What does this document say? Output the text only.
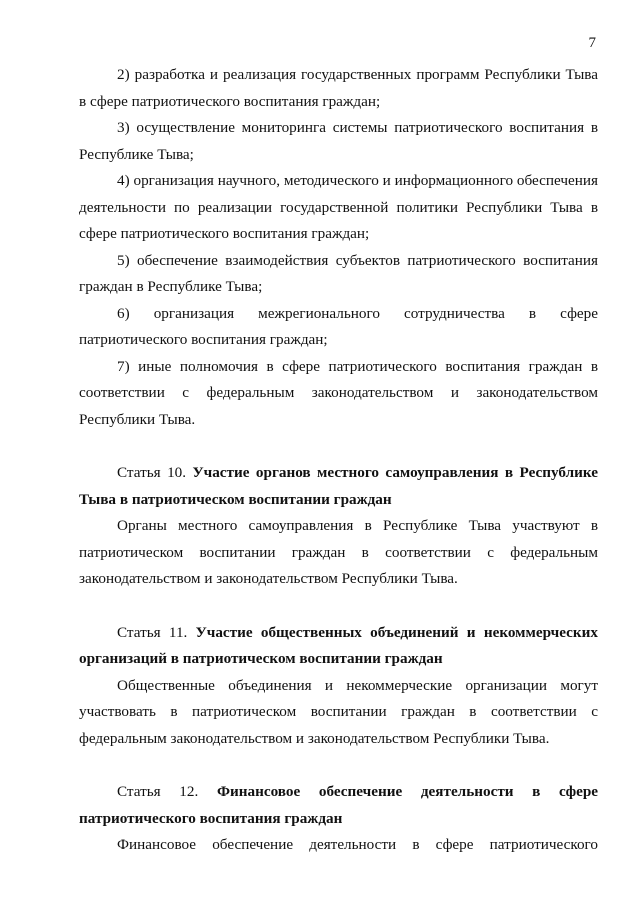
7

2) разработка и реализация государственных программ Республики Тыва в сфере патриотического воспитания граждан;

3) осуществление мониторинга системы патриотического воспитания в Республике Тыва;

4) организация научного, методического и информационного обеспечения деятельности по реализации государственной политики Республики Тыва в сфере патриотического воспитания граждан;

5) обеспечение взаимодействия субъектов патриотического воспитания граждан в Республике Тыва;

6) организация межрегионального сотрудничества в сфере патриотического воспитания граждан;

7) иные полномочия в сфере патриотического воспитания граждан в соответствии с федеральным законодательством и законодательством Республики Тыва.

Статья 10. Участие органов местного самоуправления в Республике Тыва в патриотическом воспитании граждан

Органы местного самоуправления в Республике Тыва участвуют в патриотическом воспитании граждан в соответствии с федеральным законодательством и законодательством Республики Тыва.

Статья 11. Участие общественных объединений и некоммерческих организаций в патриотическом воспитании граждан

Общественные объединения и некоммерческие организации могут участвовать в патриотическом воспитании граждан в соответствии с федеральным законодательством и законодательством Республики Тыва.

Статья 12. Финансовое обеспечение деятельности в сфере патриотического воспитания граждан

Финансовое обеспечение деятельности в сфере патриотического
